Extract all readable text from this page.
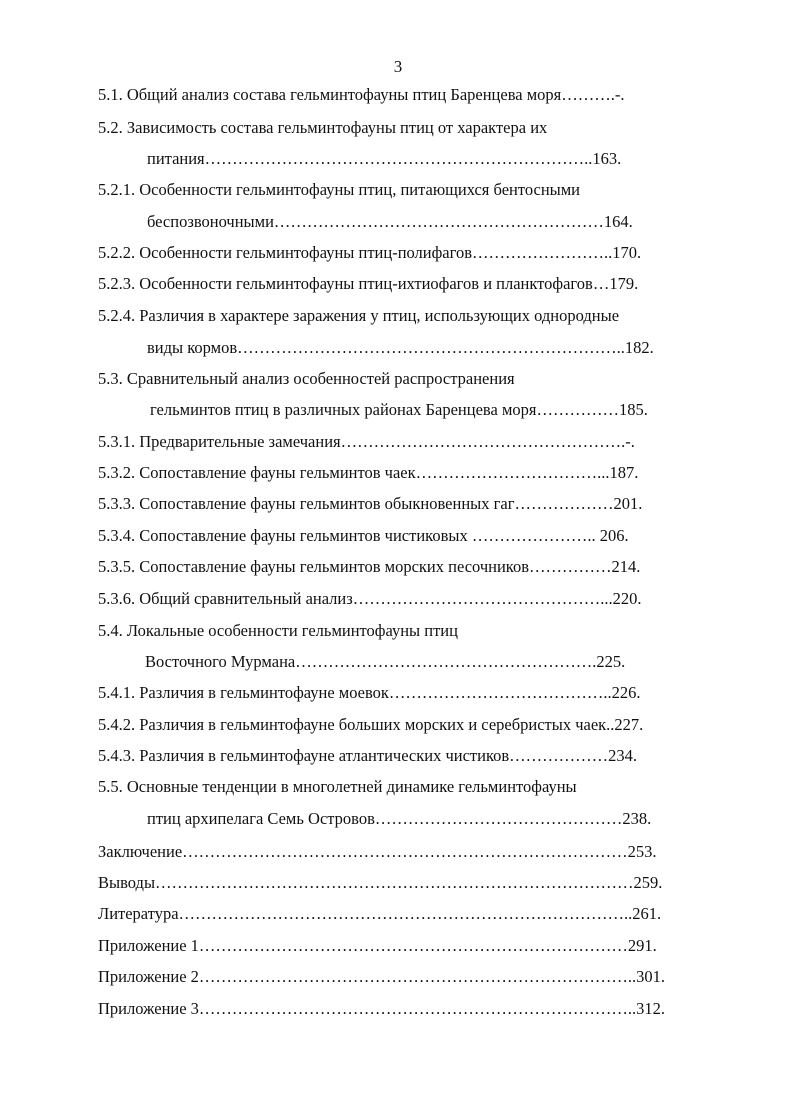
3
5.1. Общий анализ состава гельминтофауны птиц Баренцева моря……….-.
5.2. Зависимость состава гельминтофауны птиц от характера их
питания……………………………………………………………..163.
5.2.1. Особенности гельминтофауны птиц, питающихся бентосными
беспозвоночными……………………………………………………164.
5.2.2. Особенности гельминтофауны птиц-полифагов……………………..170.
5.2.3. Особенности гельминтофауны птиц-ихтиофагов и планктофагов…179.
5.2.4. Различия в характере заражения у птиц, использующих однородные
виды кормов……………………………………………………………..182.
5.3. Сравнительный анализ особенностей распространения
гельминтов птиц в различных районах Баренцева моря……………185.
5.3.1. Предварительные замечания…………………………………………….-.
5.3.2. Сопоставление фауны гельминтов чаек……………………………...187.
5.3.3. Сопоставление фауны гельминтов обыкновенных гаг………………201.
5.3.4. Сопоставление фауны гельминтов чистиковых ………………….. 206.
5.3.5. Сопоставление фауны гельминтов морских песочников……………214.
5.3.6. Общий сравнительный анализ………………………………………...220.
5.4. Локальные особенности гельминтофауны птиц
Восточного Мурмана……………………………………………….225.
5.4.1. Различия в гельминтофауне моевок…………………………………..226.
5.4.2. Различия в гельминтофауне больших морских и серебристых чаек..227.
5.4.3. Различия в гельминтофауне атлантических чистиков………………234.
5.5. Основные тенденции в многолетней динамике гельминтофауны
птиц архипелага Семь Островов………………………………………238.
Заключение………………………………………………………………………253.
Выводы……………………………………………………………………………259.
Литература………………………………………………………………………..261.
Приложение 1……………………………………………………………………291.
Приложение 2……………………………………………………………………..301.
Приложение 3……………………………………………………………………..312.
